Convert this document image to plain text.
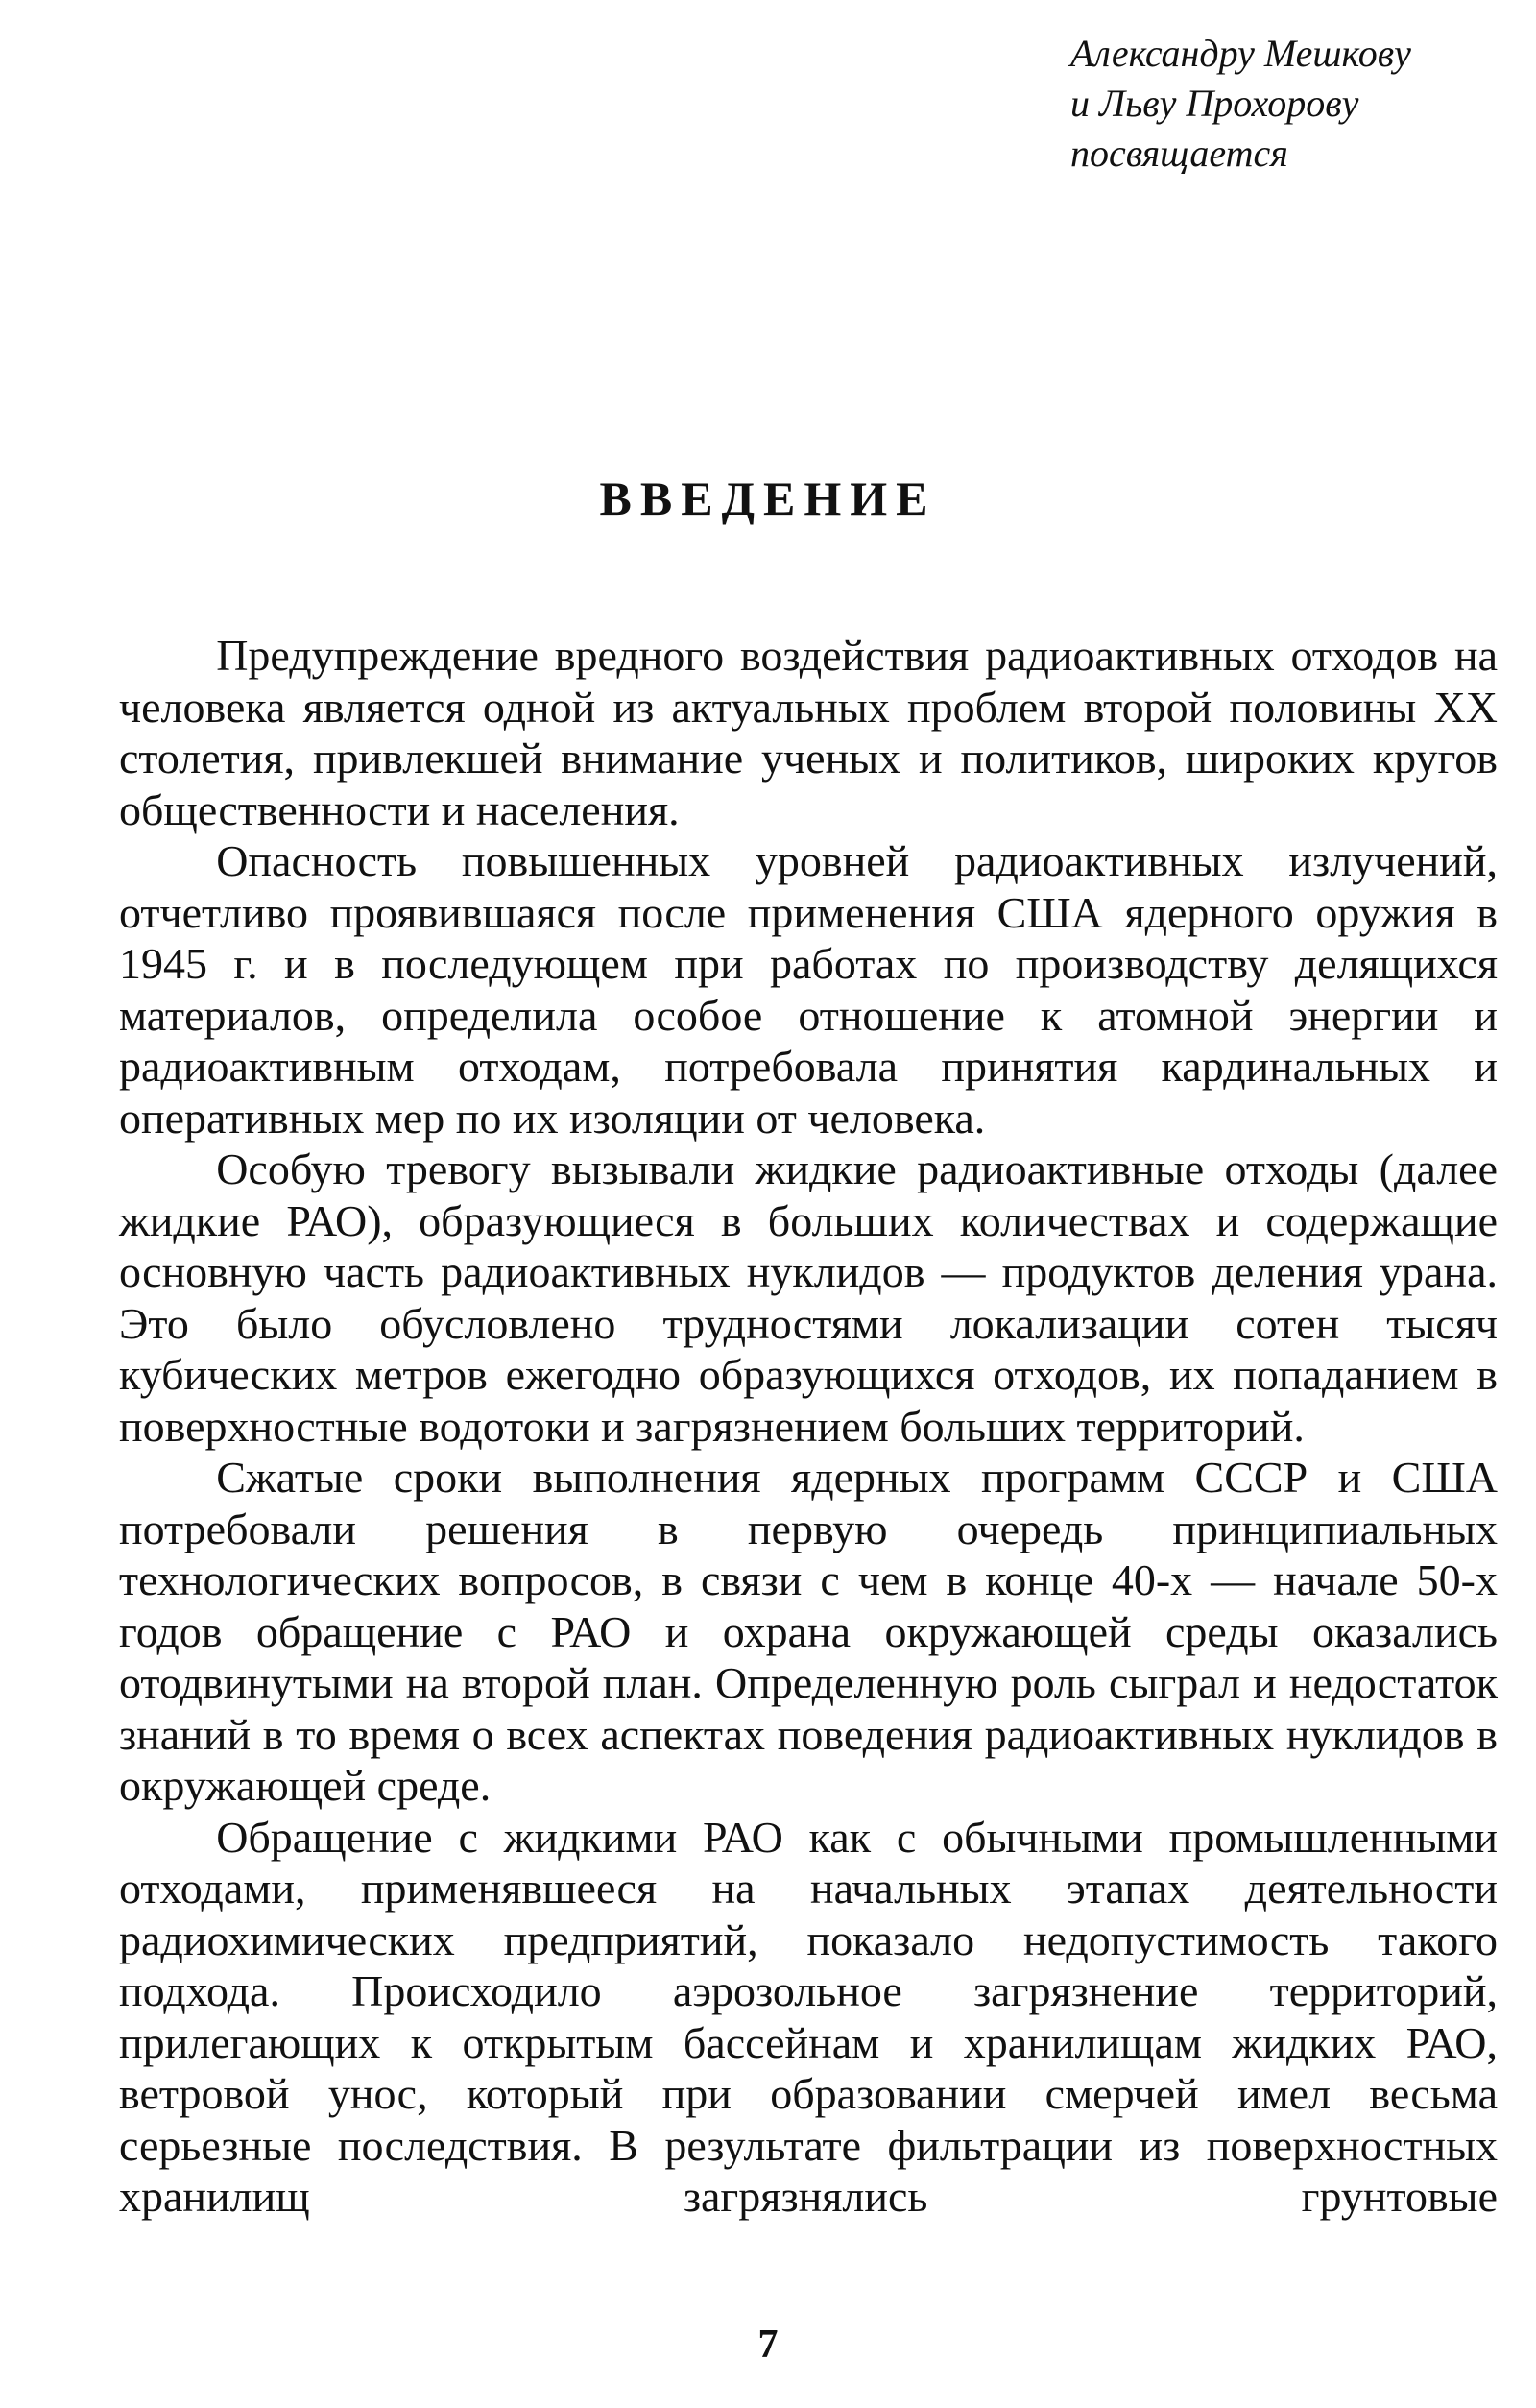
Александру Мешкову
и Льву Прохорову
посвящается
ВВЕДЕНИЕ

Предупреждение вредного воздействия радиоактивных отходов на человека является одной из актуальных проблем второй половины XX столетия, привлекшей внимание ученых и политиков, широких кругов общественности и населения.

Опасность повышенных уровней радиоактивных излучений, отчетливо проявившаяся после применения США ядерного оружия в 1945 г. и в последующем при работах по производству делящихся материалов, определила особое отношение к атомной энергии и радиоактивным отходам, потребовала принятия кардинальных и оперативных мер по их изоляции от человека.

Особую тревогу вызывали жидкие радиоактивные отходы (далее жидкие РАО), образующиеся в больших количествах и содержащие основную часть радиоактивных нуклидов — продуктов деления урана. Это было обусловлено трудностями локализации сотен тысяч кубических метров ежегодно образующихся отходов, их попаданием в поверхностные водотоки и загрязнением больших территорий.

Сжатые сроки выполнения ядерных программ СССР и США потребовали решения в первую очередь принципиальных технологических вопросов, в связи с чем в конце 40-х — начале 50-х годов обращение с РАО и охрана окружающей среды оказались отодвинутыми на второй план. Определенную роль сыграл и недостаток знаний в то время о всех аспектах поведения радиоактивных нуклидов в окружающей среде.

Обращение с жидкими РАО как с обычными промышленными отходами, применявшееся на начальных этапах деятельности радиохимических предприятий, показало недопустимость такого подхода. Происходило аэрозольное загрязнение территорий, прилегающих к открытым бассейнам и хранилищам жидких РАО, ветровой унос, который при образовании смерчей имел весьма серьезные последствия. В результате фильтрации из поверхностных хранилищ загрязнялись грунтовые

7
